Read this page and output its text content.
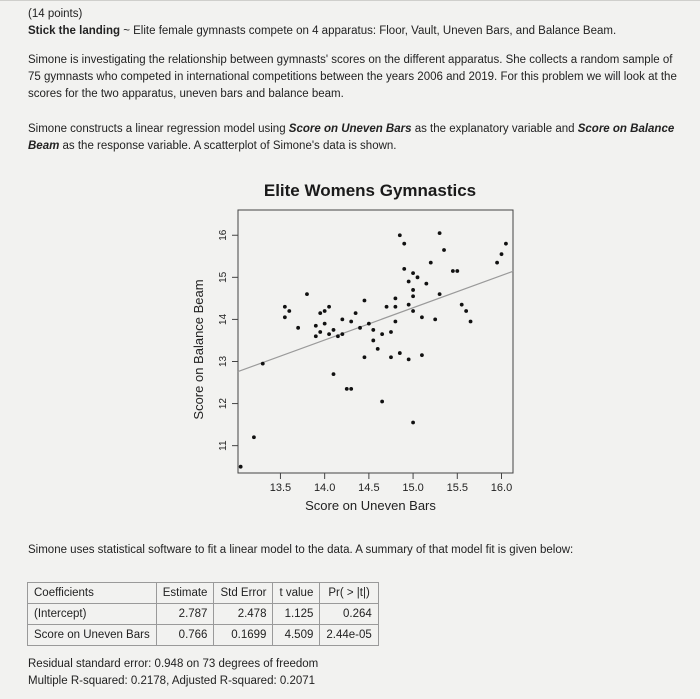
(14 points)
Stick the landing ~ Elite female gymnasts compete on 4 apparatus: Floor, Vault, Uneven Bars, and Balance Beam.
Simone is investigating the relationship between gymnasts' scores on the different apparatus. She collects a random sample of 75 gymnasts who competed in international competitions between the years 2006 and 2019. For this problem we will look at the scores for the two apparatus, uneven bars and balance beam.
Simone constructs a linear regression model using Score on Uneven Bars as the explanatory variable and Score on Balance Beam as the response variable. A scatterplot of Simone's data is shown.
Elite Womens Gymnastics
13.5 14.0 14.5 15.0 15.5 16.0
11
12
13
14
15
16
Score on Uneven Bars
Score on Balance Beam
Simone uses statistical software to fit a linear model to the data. A summary of that model fit is given below:
Coefficients	Estimate	Std Error	t value	Pr( > |t|)
(Intercept)	2.787	2.478	1.125	0.264
Score on Uneven Bars	0.766	0.1699	4.509	2.44e-05
Residual standard error: 0.948 on 73 degrees of freedom
Multiple R-squared: 0.2178, Adjusted R-squared: 0.2071
